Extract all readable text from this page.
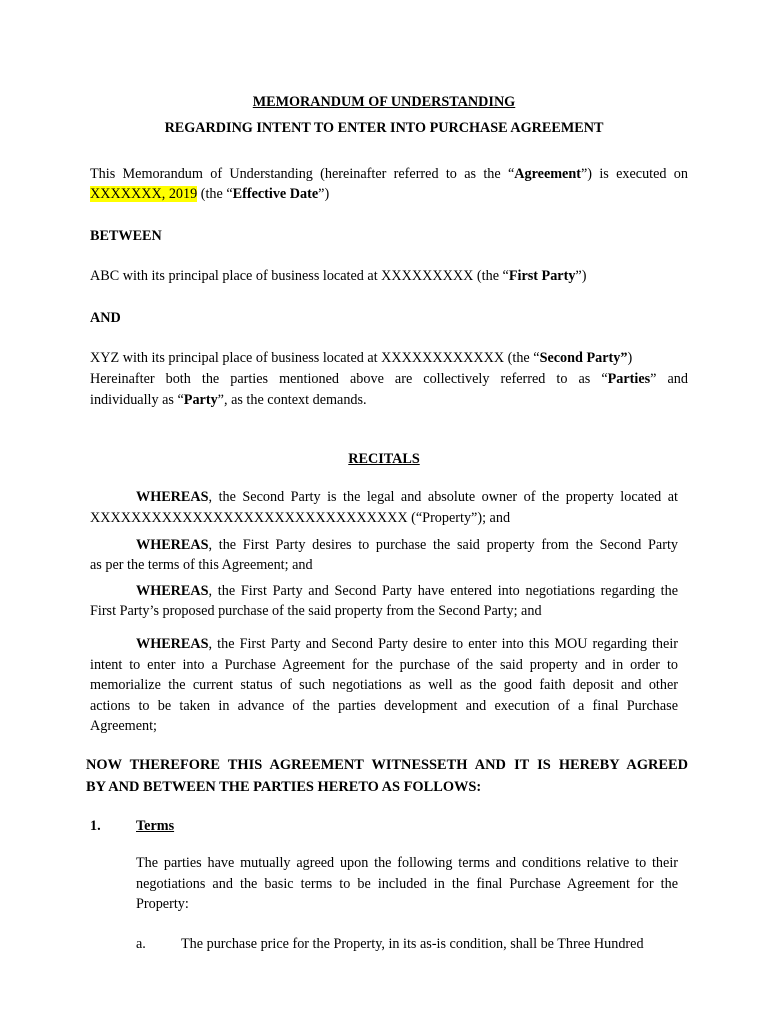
MEMORANDUM OF UNDERSTANDING
REGARDING INTENT TO ENTER INTO PURCHASE AGREEMENT
This Memorandum of Understanding (hereinafter referred to as the “Agreement”) is executed on
XXXXXXX, 2019 (the “Effective Date”)
BETWEEN
ABC with its principal place of business located at XXXXXXXXX (the “First Party”)
AND
XYZ with its principal place of business located at XXXXXXXXXXXX (the “Second Party”)
Hereinafter both the parties mentioned above are collectively referred to as “Parties” and
individually as “Party”, as the context demands.
RECITALS
WHEREAS, the Second Party is the legal and absolute owner of the property located at
XXXXXXXXXXXXXXXXXXXXXXXXXXXXXXX (“Property”); and
WHEREAS, the First Party desires to purchase the said property from the Second Party
as per the terms of this Agreement; and
WHEREAS, the First Party and Second Party have entered into negotiations regarding the
First Party’s proposed purchase of the said property from the Second Party; and
WHEREAS, the First Party and Second Party desire to enter into this MOU regarding their
intent to enter into a Purchase Agreement for the purchase of the said property and in order to
memorialize the current status of such negotiations as well as the good faith deposit and other
actions to be taken in advance of the parties development and execution of a final Purchase
Agreement;
NOW THEREFORE THIS AGREEMENT WITNESSETH AND IT IS HEREBY AGREED
BY AND BETWEEN THE PARTIES HERETO AS FOLLOWS:
1. Terms
The parties have mutually agreed upon the following terms and conditions relative to their
negotiations and the basic terms to be included in the final Purchase Agreement for the
Property:
a. The purchase price for the Property, in its as-is condition, shall be Three Hundred
